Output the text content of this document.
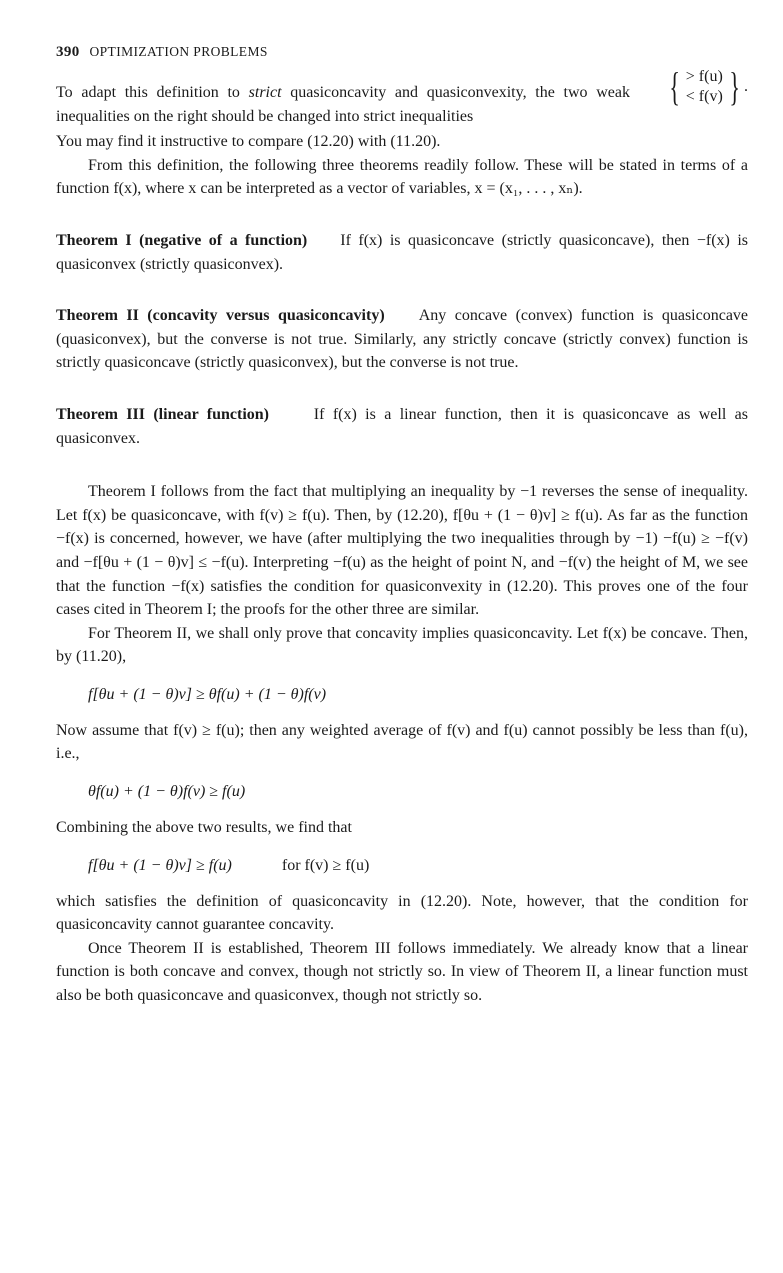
390 OPTIMIZATION PROBLEMS

To adapt this definition to strict quasiconcavity and quasiconvexity, the two weak inequalities on the right should be changed into strict inequalities
{ > f(u)
< f(v) } .

You may find it instructive to compare (12.20) with (11.20).

From this definition, the following three theorems readily follow. These will be stated in terms of a function f(x), where x can be interpreted as a vector of variables, x = (x₁, . . . , xₙ).

Theorem I (negative of a function) If f(x) is quasiconcave (strictly quasiconcave), then −f(x) is quasiconvex (strictly quasiconvex).

Theorem II (concavity versus quasiconcavity) Any concave (convex) function is quasiconcave (quasiconvex), but the converse is not true. Similarly, any strictly concave (strictly convex) function is strictly quasiconcave (strictly quasiconvex), but the converse is not true.

Theorem III (linear function)	If f(x) is a linear function, then it is quasiconcave as well as quasiconvex.

Theorem I follows from the fact that multiplying an inequality by −1 reverses the sense of inequality. Let f(x) be quasiconcave, with f(v) ≥ f(u). Then, by (12.20), f[θu + (1 − θ)v] ≥ f(u). As far as the function −f(x) is concerned, however, we have (after multiplying the two inequalities through by −1) −f(u) ≥ −f(v) and −f[θu + (1 − θ)v] ≤ −f(u). Interpreting −f(u) as the height of point N, and −f(v) the height of M, we see that the function −f(x) satisfies the condition for quasiconvexity in (12.20). This proves one of the four cases cited in Theorem I; the proofs for the other three are similar.

For Theorem II, we shall only prove that concavity implies quasiconcavity. Let f(x) be concave. Then, by (11.20),

f[θu + (1 − θ)v] ≥ θf(u) + (1 − θ)f(v)

Now assume that f(v) ≥ f(u); then any weighted average of f(v) and f(u) cannot possibly be less than f(u), i.e.,

θf(u) + (1 − θ)f(v) ≥ f(u)

Combining the above two results, we find that

f[θu + (1 − θ)v] ≥ f(u)	for f(v) ≥ f(u)

which satisfies the definition of quasiconcavity in (12.20). Note, however, that the condition for quasiconcavity cannot guarantee concavity.

Once Theorem II is established, Theorem III follows immediately. We already know that a linear function is both concave and convex, though not strictly so. In view of Theorem II, a linear function must also be both quasiconcave and quasiconvex, though not strictly so.
